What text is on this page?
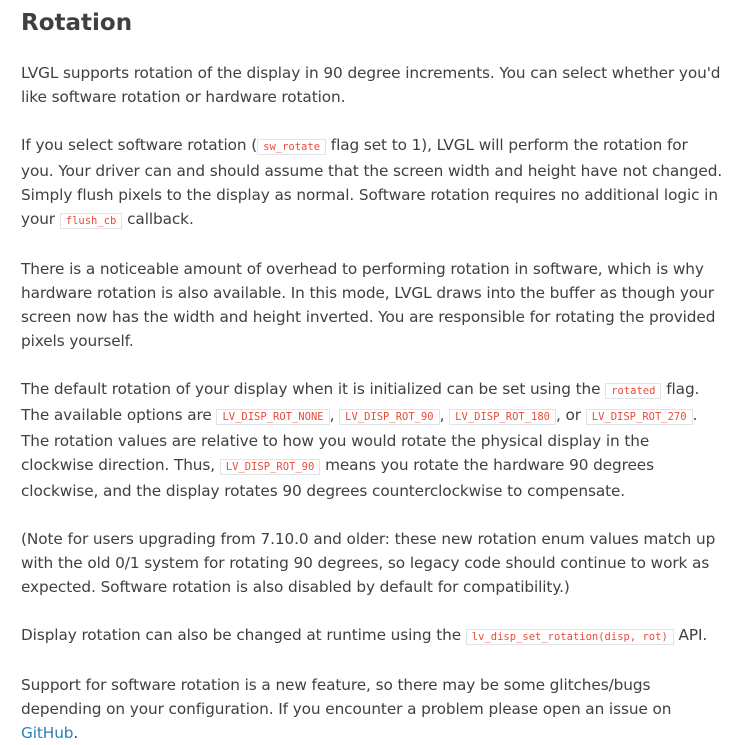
Rotation

LVGL supports rotation of the display in 90 degree increments. You can select whether you'd like software rotation or hardware rotation.

If you select software rotation ( sw_rotate flag set to 1), LVGL will perform the rotation for you. Your driver can and should assume that the screen width and height have not changed. Simply flush pixels to the display as normal. Software rotation requires no additional logic in your flush_cb callback.

There is a noticeable amount of overhead to performing rotation in software, which is why hardware rotation is also available. In this mode, LVGL draws into the buffer as though your screen now has the width and height inverted. You are responsible for rotating the provided pixels yourself.

The default rotation of your display when it is initialized can be set using the rotated flag. The available options are LV_DISP_ROT_NONE , LV_DISP_ROT_90 , LV_DISP_ROT_180 , or LV_DISP_ROT_270 . The rotation values are relative to how you would rotate the physical display in the clockwise direction. Thus, LV_DISP_ROT_90 means you rotate the hardware 90 degrees clockwise, and the display rotates 90 degrees counterclockwise to compensate.

(Note for users upgrading from 7.10.0 and older: these new rotation enum values match up with the old 0/1 system for rotating 90 degrees, so legacy code should continue to work as expected. Software rotation is also disabled by default for compatibility.)

Display rotation can also be changed at runtime using the lv_disp_set_rotation(disp, rot) API.

Support for software rotation is a new feature, so there may be some glitches/bugs depending on your configuration. If you encounter a problem please open an issue on GitHub.
